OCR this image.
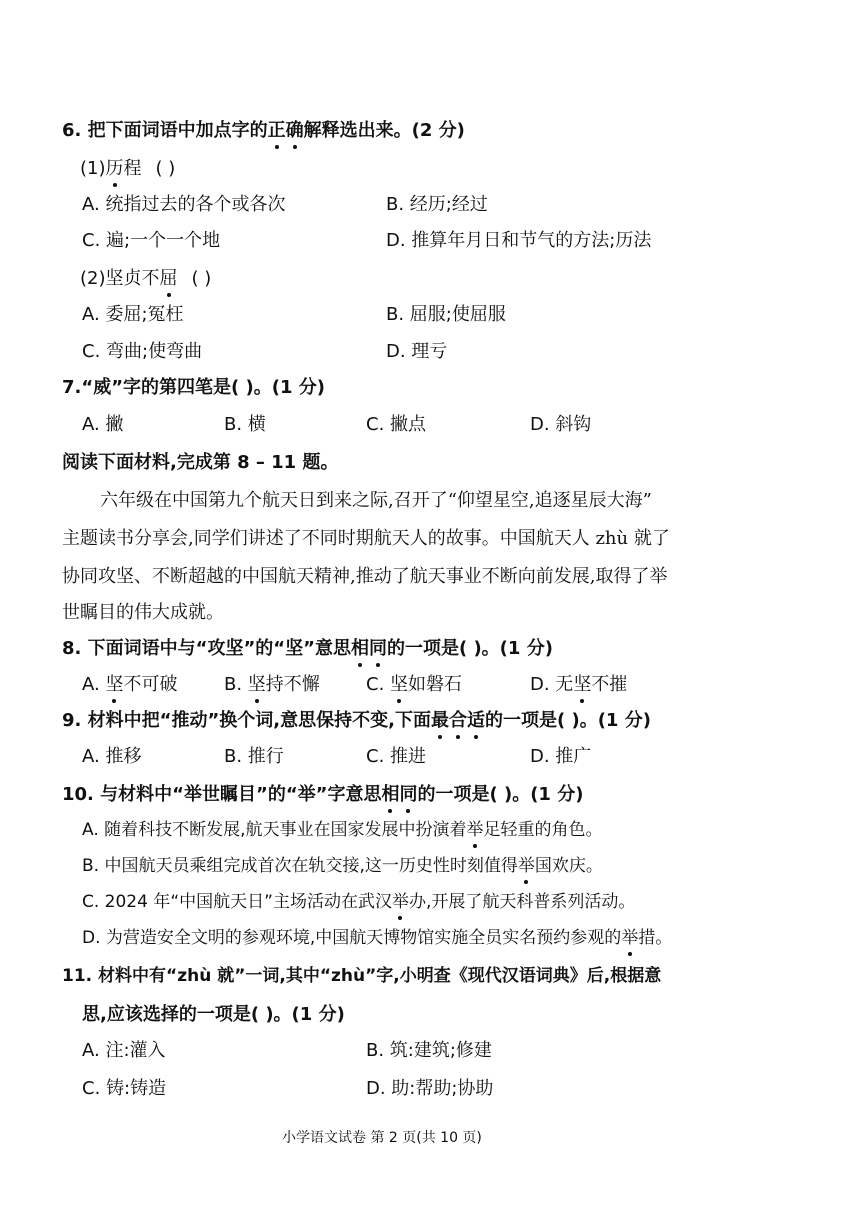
6. 把下面词语中加点字的正确解释选出来。(2 分)
(1)历程 ( )
A. 统指过去的各个或各次	B. 经历;经过
C. 遍;一个一个地	D. 推算年月日和节气的方法;历法
(2)坚贞不屈 ( )
A. 委屈;冤枉	B. 屈服;使屈服
C. 弯曲;使弯曲	D. 理亏
7.“威”字的第四笔是( )。(1 分)
A. 撇	B. 横	C. 撇点	D. 斜钩
阅读下面材料,完成第 8 – 11 题。
六年级在中国第九个航天日到来之际,召开了“仰望星空,追逐星辰大海”
主题读书分享会,同学们讲述了不同时期航天人的故事。中国航天人 zhù 就了
协同攻坚、不断超越的中国航天精神,推动了航天事业不断向前发展,取得了举
世瞩目的伟大成就。
8. 下面词语中与“攻坚”的“坚”意思相同的一项是( )。(1 分)
A. 坚不可破	B. 坚持不懈	C. 坚如磐石	D. 无坚不摧
9. 材料中把“推动”换个词,意思保持不变,下面最合适的一项是( )。(1 分)
A. 推移	B. 推行	C. 推进	D. 推广
10. 与材料中“举世瞩目”的“举”字意思相同的一项是( )。(1 分)
A. 随着科技不断发展,航天事业在国家发展中扮演着举足轻重的角色。
B. 中国航天员乘组完成首次在轨交接,这一历史性时刻值得举国欢庆。
C. 2024 年“中国航天日”主场活动在武汉举办,开展了航天科普系列活动。
D. 为营造安全文明的参观环境,中国航天博物馆实施全员实名预约参观的举措。
11. 材料中有“zhù 就”一词,其中“zhù”字,小明查《现代汉语词典》后,根据意
思,应该选择的一项是( )。(1 分)
A. 注:灌入	B. 筑:建筑;修建
C. 铸:铸造	D. 助:帮助;协助
小学语文试卷 第 2 页(共 10 页)
